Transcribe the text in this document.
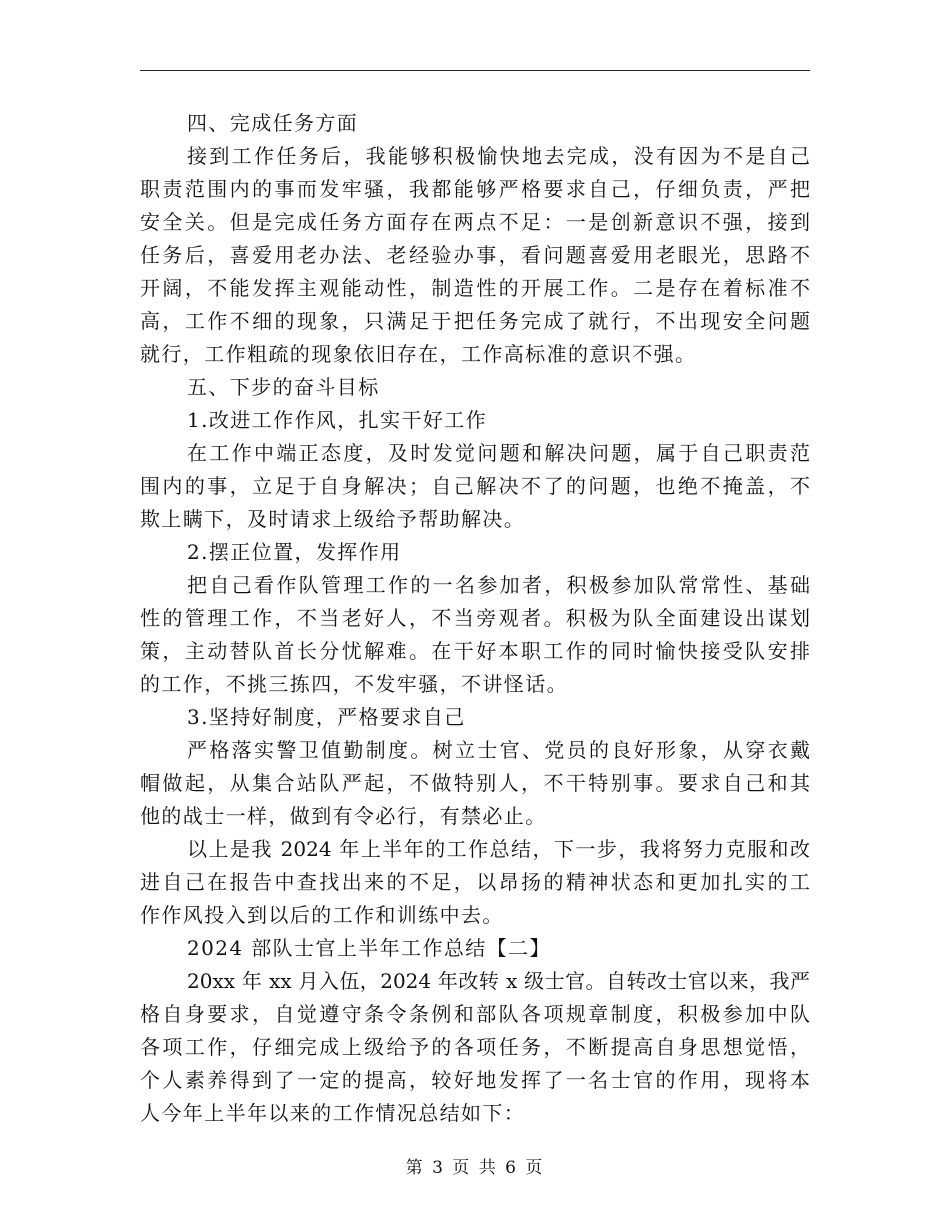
四、完成任务方面
接到工作任务后，我能够积极愉快地去完成，没有因为不是自己
职责范围内的事而发牢骚，我都能够严格要求自己，仔细负责，严把
安全关。但是完成任务方面存在两点不足：一是创新意识不强，接到
任务后，喜爱用老办法、老经验办事，看问题喜爱用老眼光，思路不
开阔，不能发挥主观能动性，制造性的开展工作。二是存在着标准不
高，工作不细的现象，只满足于把任务完成了就行，不出现安全问题
就行，工作粗疏的现象依旧存在，工作高标准的意识不强。
五、下步的奋斗目标
1.改进工作作风，扎实干好工作
在工作中端正态度，及时发觉问题和解决问题，属于自己职责范
围内的事，立足于自身解决；自己解决不了的问题，也绝不掩盖，不
欺上瞒下，及时请求上级给予帮助解决。
2.摆正位置，发挥作用
把自己看作队管理工作的一名参加者，积极参加队常常性、基础
性的管理工作，不当老好人，不当旁观者。积极为队全面建设出谋划
策，主动替队首长分忧解难。在干好本职工作的同时愉快接受队安排
的工作，不挑三拣四，不发牢骚，不讲怪话。
3.坚持好制度，严格要求自己
严格落实警卫值勤制度。树立士官、党员的良好形象，从穿衣戴
帽做起，从集合站队严起，不做特别人，不干特别事。要求自己和其
他的战士一样，做到有令必行，有禁必止。
以上是我 2024 年上半年的工作总结，下一步，我将努力克服和改
进自己在报告中查找出来的不足，以昂扬的精神状态和更加扎实的工
作作风投入到以后的工作和训练中去。
2024 部队士官上半年工作总结【二】
20xx 年 xx 月入伍，2024 年改转 x 级士官。自转改士官以来，我严
格自身要求，自觉遵守条令条例和部队各项规章制度，积极参加中队
各项工作，仔细完成上级给予的各项任务，不断提高自身思想觉悟，
个人素养得到了一定的提高，较好地发挥了一名士官的作用，现将本
人今年上半年以来的工作情况总结如下：
第 3 页 共 6 页
